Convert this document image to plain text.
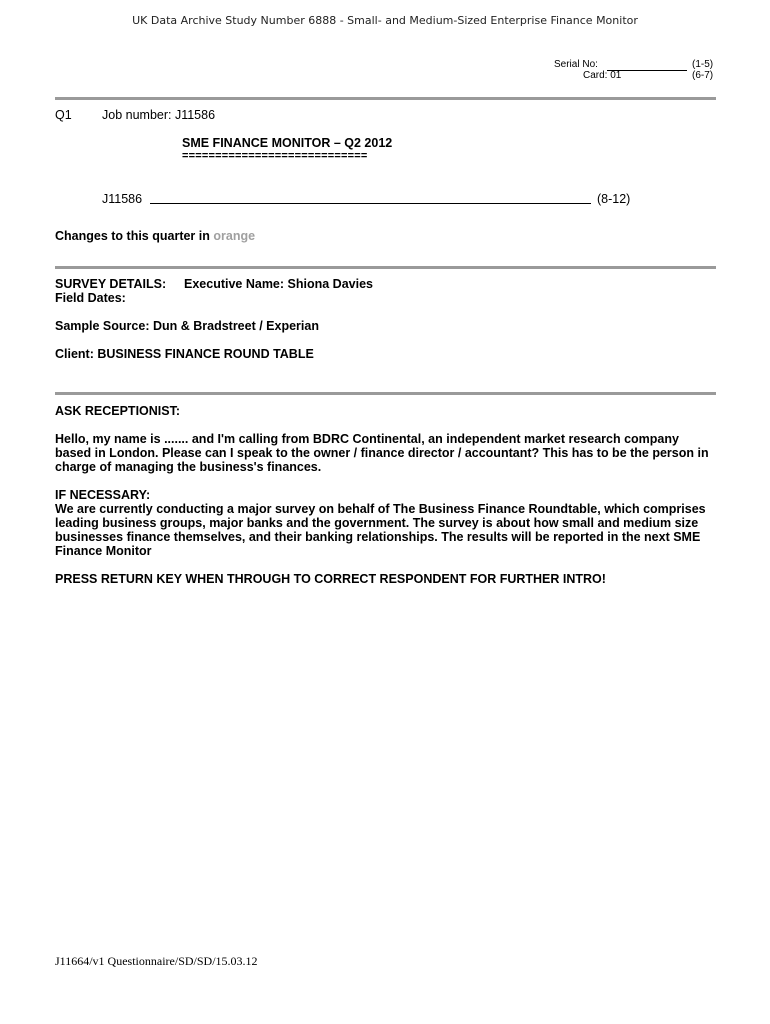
UK Data Archive Study Number 6888 - Small- and Medium-Sized Enterprise Finance Monitor
Serial No:	(1-5)
Card: 01	(6-7)
Q1 Job number: J11586
SME FINANCE MONITOR – Q2 2012
============================
J11586	(8-12)
Changes to this quarter in orange
SURVEY DETAILS: Executive Name: Shiona Davies
Field Dates:
Sample Source: Dun & Bradstreet / Experian
Client: BUSINESS FINANCE ROUND TABLE
ASK RECEPTIONIST:
Hello, my name is ....... and I'm calling from BDRC Continental, an independent market research company based in London. Please can I speak to the owner / finance director / accountant? This has to be the person in charge of managing the business's finances.
IF NECESSARY:
We are currently conducting a major survey on behalf of The Business Finance Roundtable, which comprises leading business groups, major banks and the government. The survey is about how small and medium size businesses finance themselves, and their banking relationships. The results will be reported in the next SME Finance Monitor
PRESS RETURN KEY WHEN THROUGH TO CORRECT RESPONDENT FOR FURTHER INTRO!
J11664/v1 Questionnaire/SD/SD/15.03.12
